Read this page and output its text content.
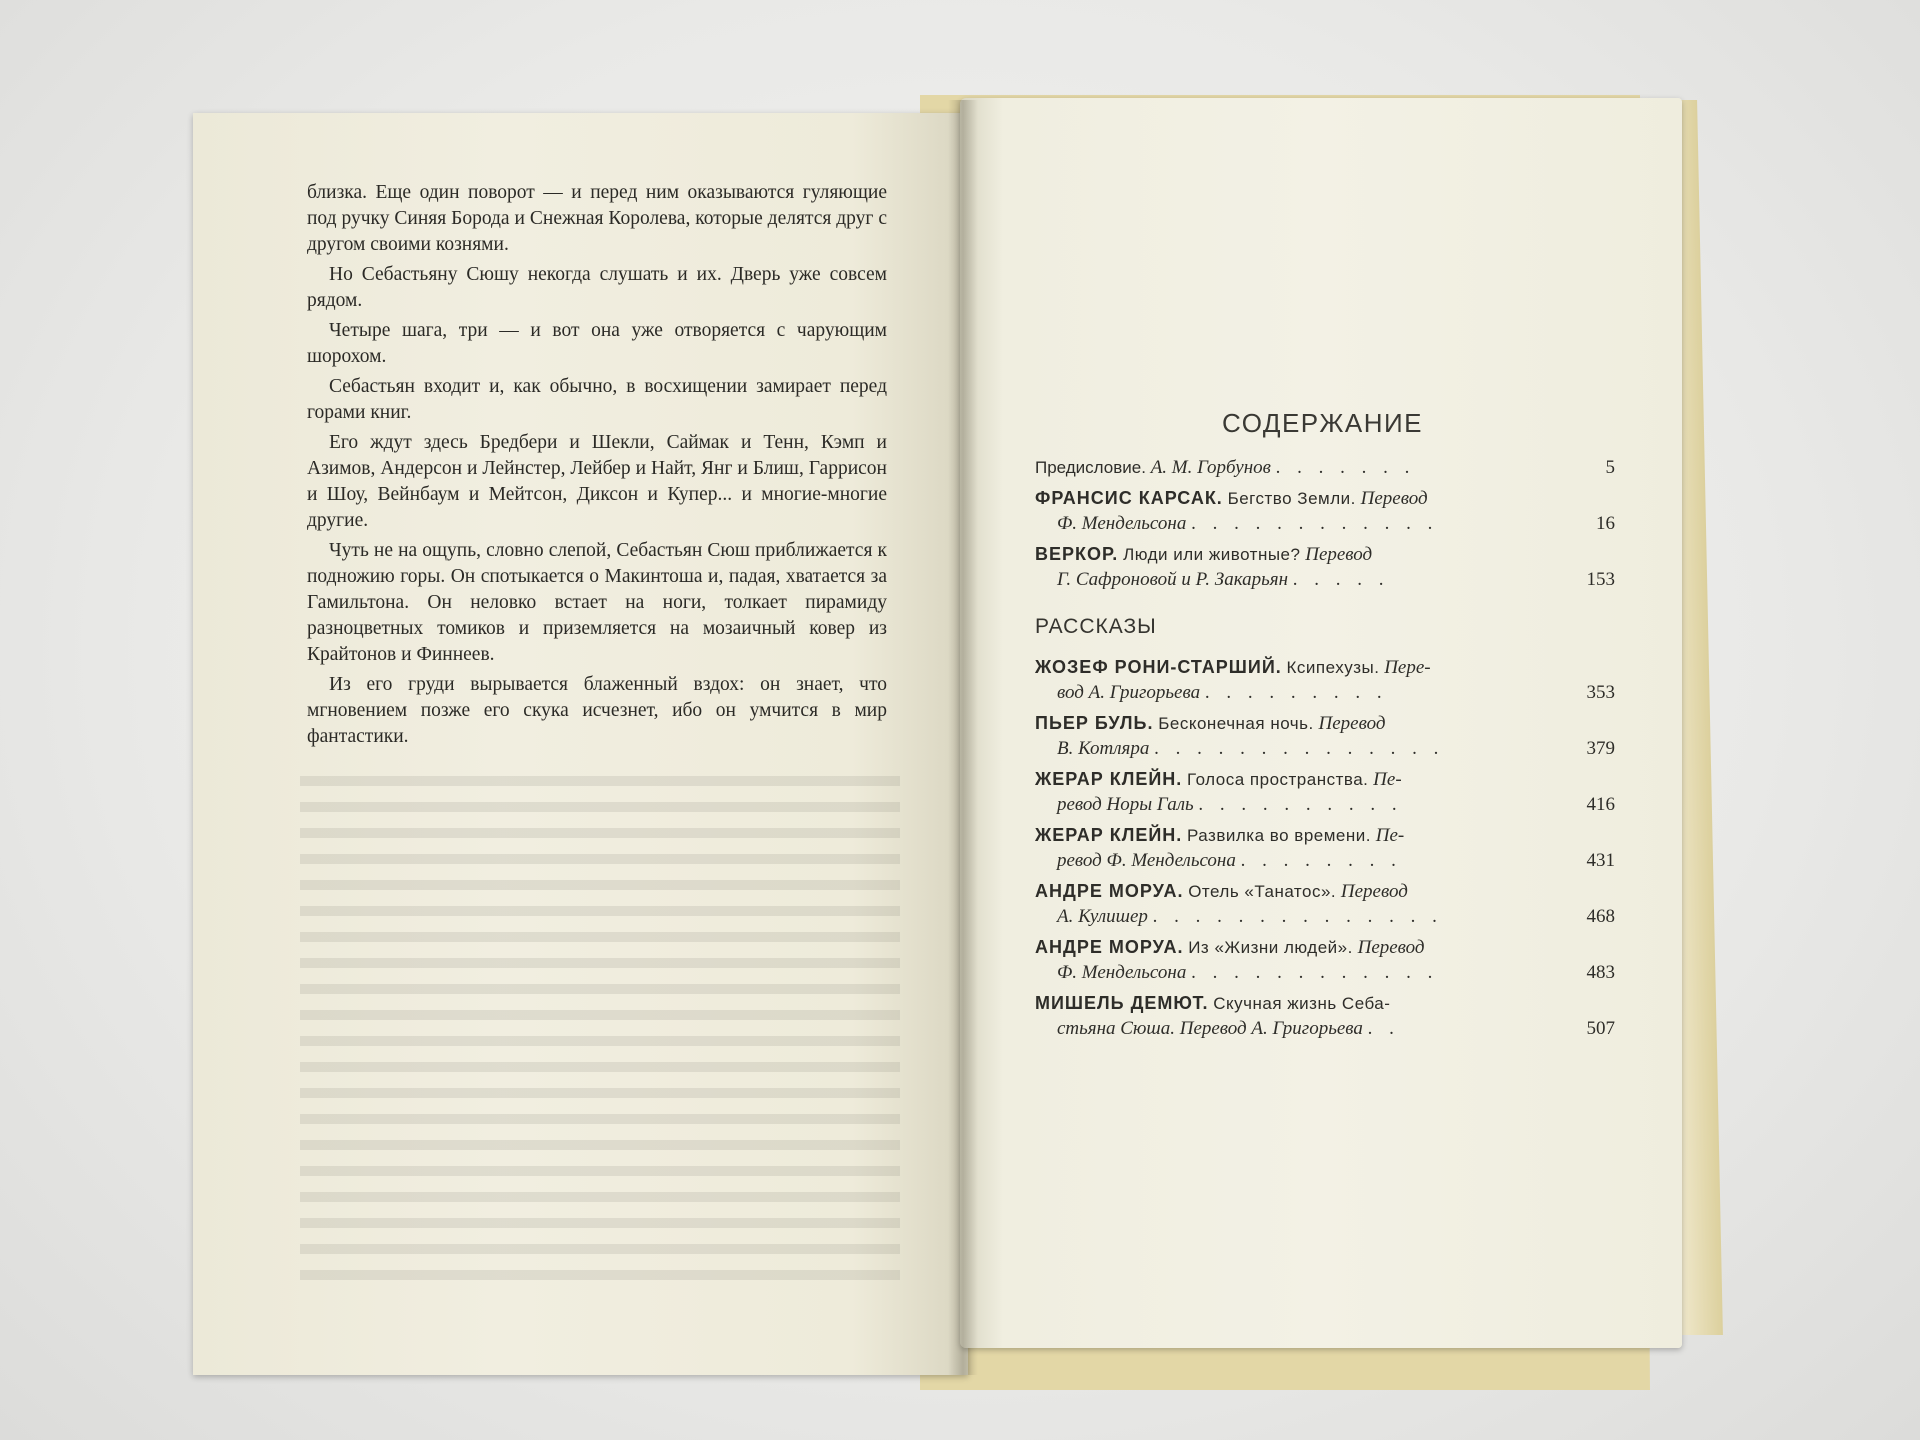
близка. Еще один поворот — и перед ним оказываются гуляющие под ручку Синяя Борода и Снежная Королева, которые делятся друг с другом своими кознями.

Но Себастьяну Сюшу некогда слушать и их. Дверь уже совсем рядом.

Четыре шага, три — и вот она уже отворяется с чарующим шорохом.

Себастьян входит и, как обычно, в восхищении замирает перед горами книг.

Его ждут здесь Бредбери и Шекли, Саймак и Тенн, Кэмп и Азимов, Андерсон и Лейнстер, Лейбер и Найт, Янг и Блиш, Гаррисон и Шоу, Вейнбаум и Мейтсон, Диксон и Купер... и многие-многие другие.

Чуть не на ощупь, словно слепой, Себастьян Сюш приближается к подножию горы. Он спотыкается о Макинтоша и, падая, хватается за Гамильтона. Он неловко встает на ноги, толкает пирамиду разноцветных томиков и приземляется на мозаичный ковер из Крайтонов и Финнеев.

Из его груди вырывается блаженный вздох: он знает, что мгновением позже его скука исчезнет, ибо он умчится в мир фантастики.

СОДЕРЖАНИЕ
Предисловие. А. М. Горбунов . . . . . . .	5
ФРАНСИС КАРСАК. Бегство Земли. Перевод
Ф. Мендельсона . . . . . . . . . . . .	16
ВЕРКОР. Люди или животные? Перевод
Г. Сафроновой и Р. Закарьян . . . . .	153
РАССКАЗЫ
ЖОЗЕФ РОНИ-СТАРШИЙ. Ксипехузы. Пере-
вод А. Григорьева . . . . . . . . .	353
ПЬЕР БУЛЬ. Бесконечная ночь. Перевод
В. Котляра . . . . . . . . . . . . . .	379
ЖЕРАР КЛЕЙН. Голоса пространства. Пе-
ревод Норы Галь . . . . . . . . . .	416
ЖЕРАР КЛЕЙН. Развилка во времени. Пе-
ревод Ф. Мендельсона . . . . . . . .	431
АНДРЕ МОРУА. Отель «Танатос». Перевод
А. Кулишер . . . . . . . . . . . . . .	468
АНДРЕ МОРУА. Из «Жизни людей». Перевод
Ф. Мендельсона . . . . . . . . . . . .	483
МИШЕЛЬ ДЕМЮТ. Скучная жизнь Себа-
стьяна Сюша. Перевод А. Григорьева . .	507
